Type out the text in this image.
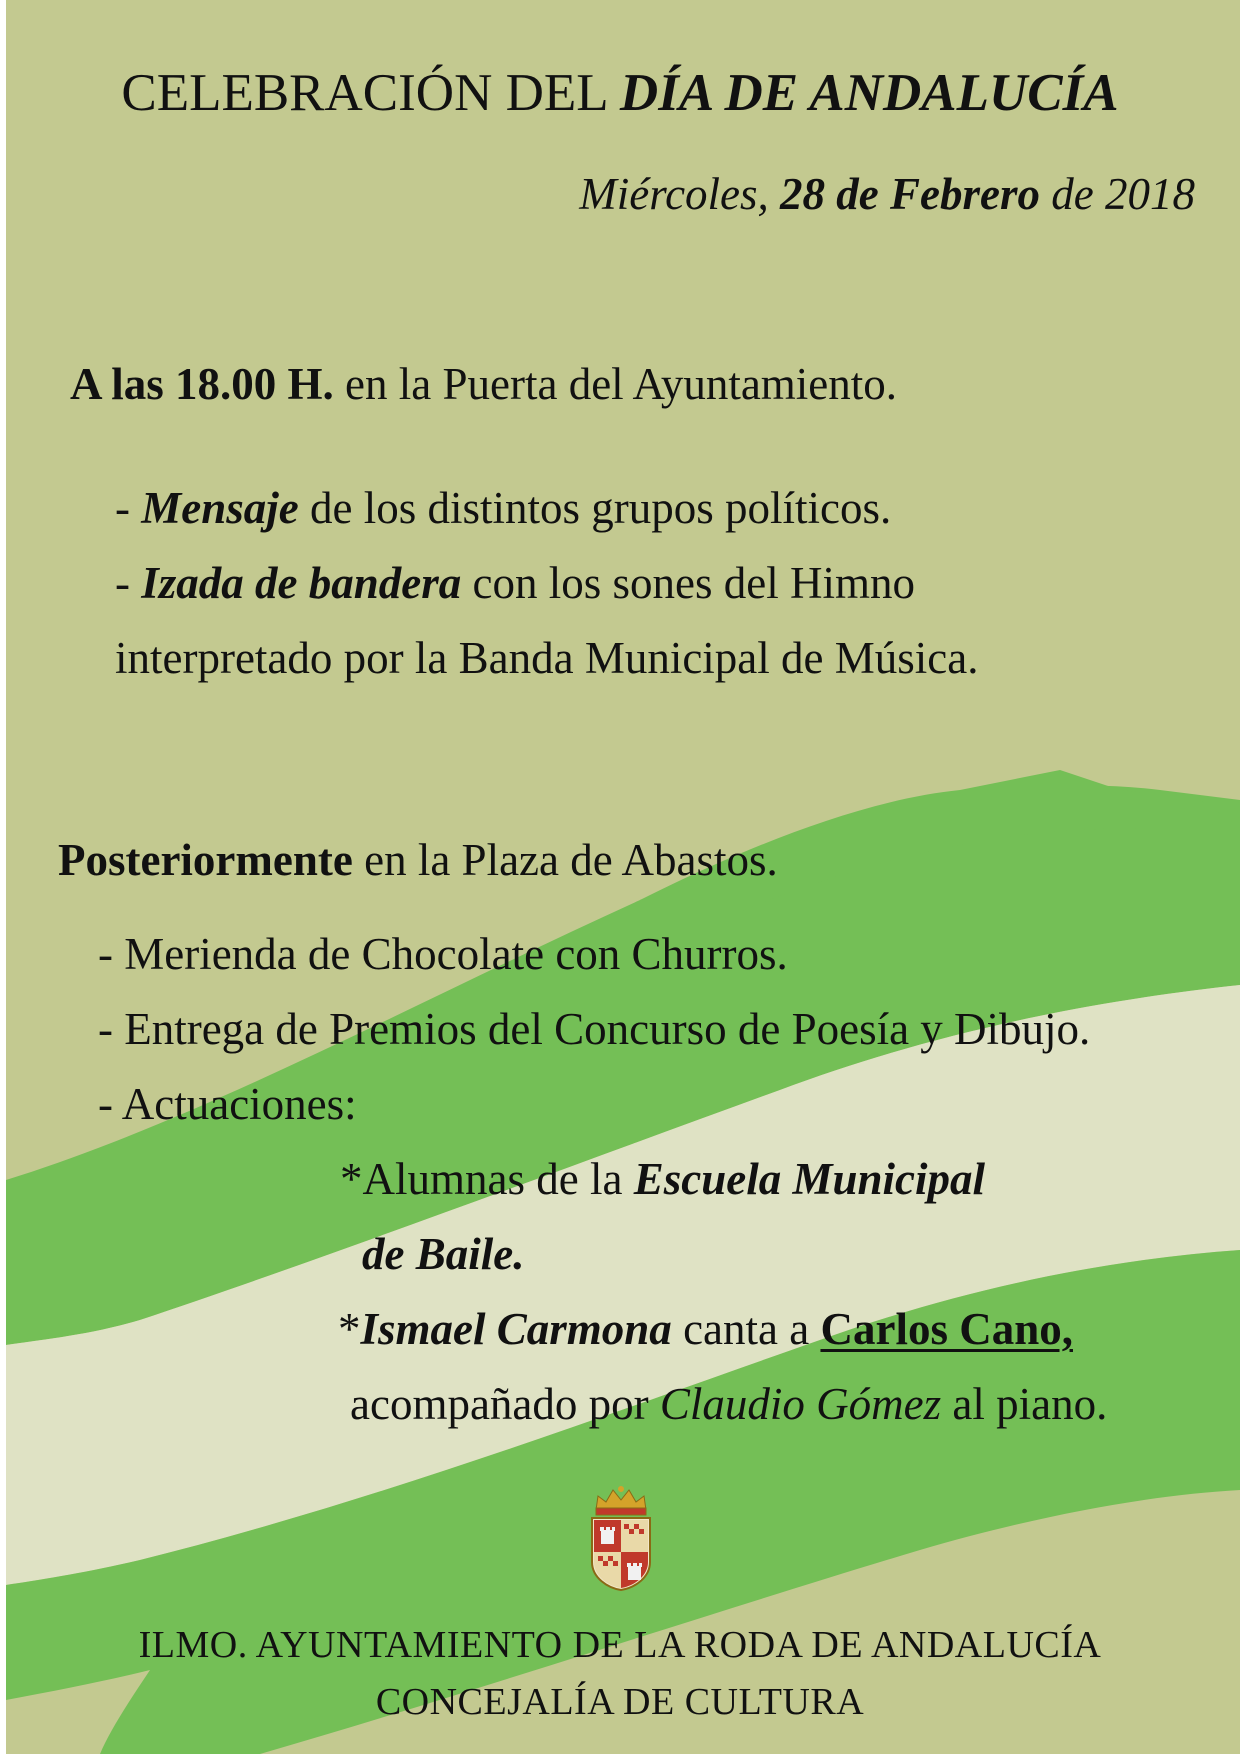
CELEBRACIÓN DEL DÍA DE ANDALUCÍA
Miércoles, 28 de Febrero de 2018
A las 18.00 H. en la Puerta del Ayuntamiento.
- Mensaje de los distintos grupos políticos.
- Izada de bandera con los sones del Himno
interpretado por la Banda Municipal de Música.
Posteriormente en la Plaza de Abastos.
- Merienda de Chocolate con Churros.
- Entrega de Premios del Concurso de Poesía y Dibujo.
- Actuaciones:
*Alumnas de la Escuela Municipal
de Baile.
*Ismael Carmona canta a Carlos Cano,
acompañado por Claudio Gómez al piano.
ILMO. AYUNTAMIENTO DE LA RODA DE ANDALUCÍA
CONCEJALÍA DE CULTURA
